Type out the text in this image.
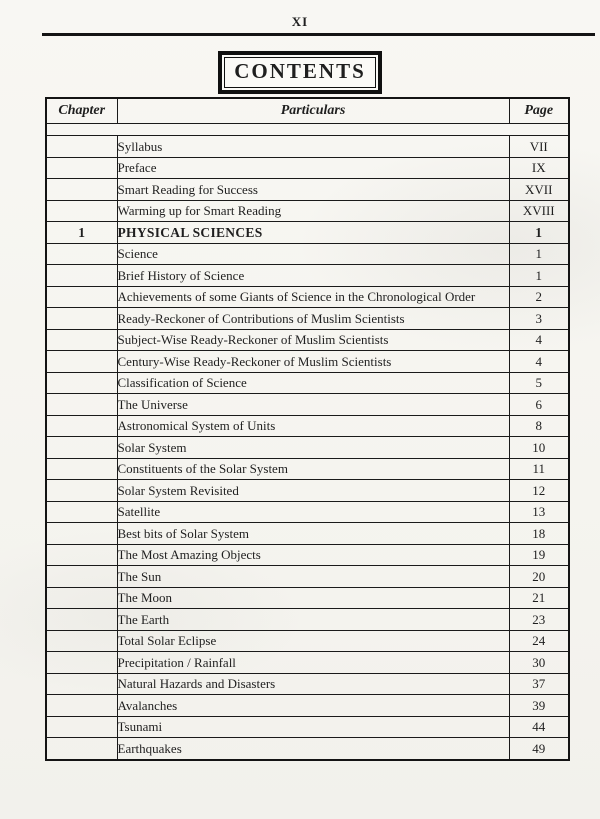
XI
CONTENTS
Chapter	Particulars	Page

	Syllabus	VII
	Preface	IX
	Smart Reading for Success	XVII
	Warming up for Smart Reading	XVIII
1	PHYSICAL SCIENCES	1
	Science	1
	Brief History of Science	1
	Achievements of some Giants of Science in the Chronological Order	2
	Ready-Reckoner of Contributions of Muslim Scientists	3
	Subject-Wise Ready-Reckoner of Muslim Scientists	4
	Century-Wise Ready-Reckoner of Muslim Scientists	4
	Classification of Science	5
	The Universe	6
	Astronomical System of Units	8
	Solar System	10
	Constituents of the Solar System	11
	Solar System Revisited	12
	Satellite	13
	Best bits of Solar System	18
	The Most Amazing Objects	19
	The Sun	20
	The Moon	21
	The Earth	23
	Total Solar Eclipse	24
	Precipitation / Rainfall	30
	Natural Hazards and Disasters	37
	Avalanches	39
	Tsunami	44
	Earthquakes	49
